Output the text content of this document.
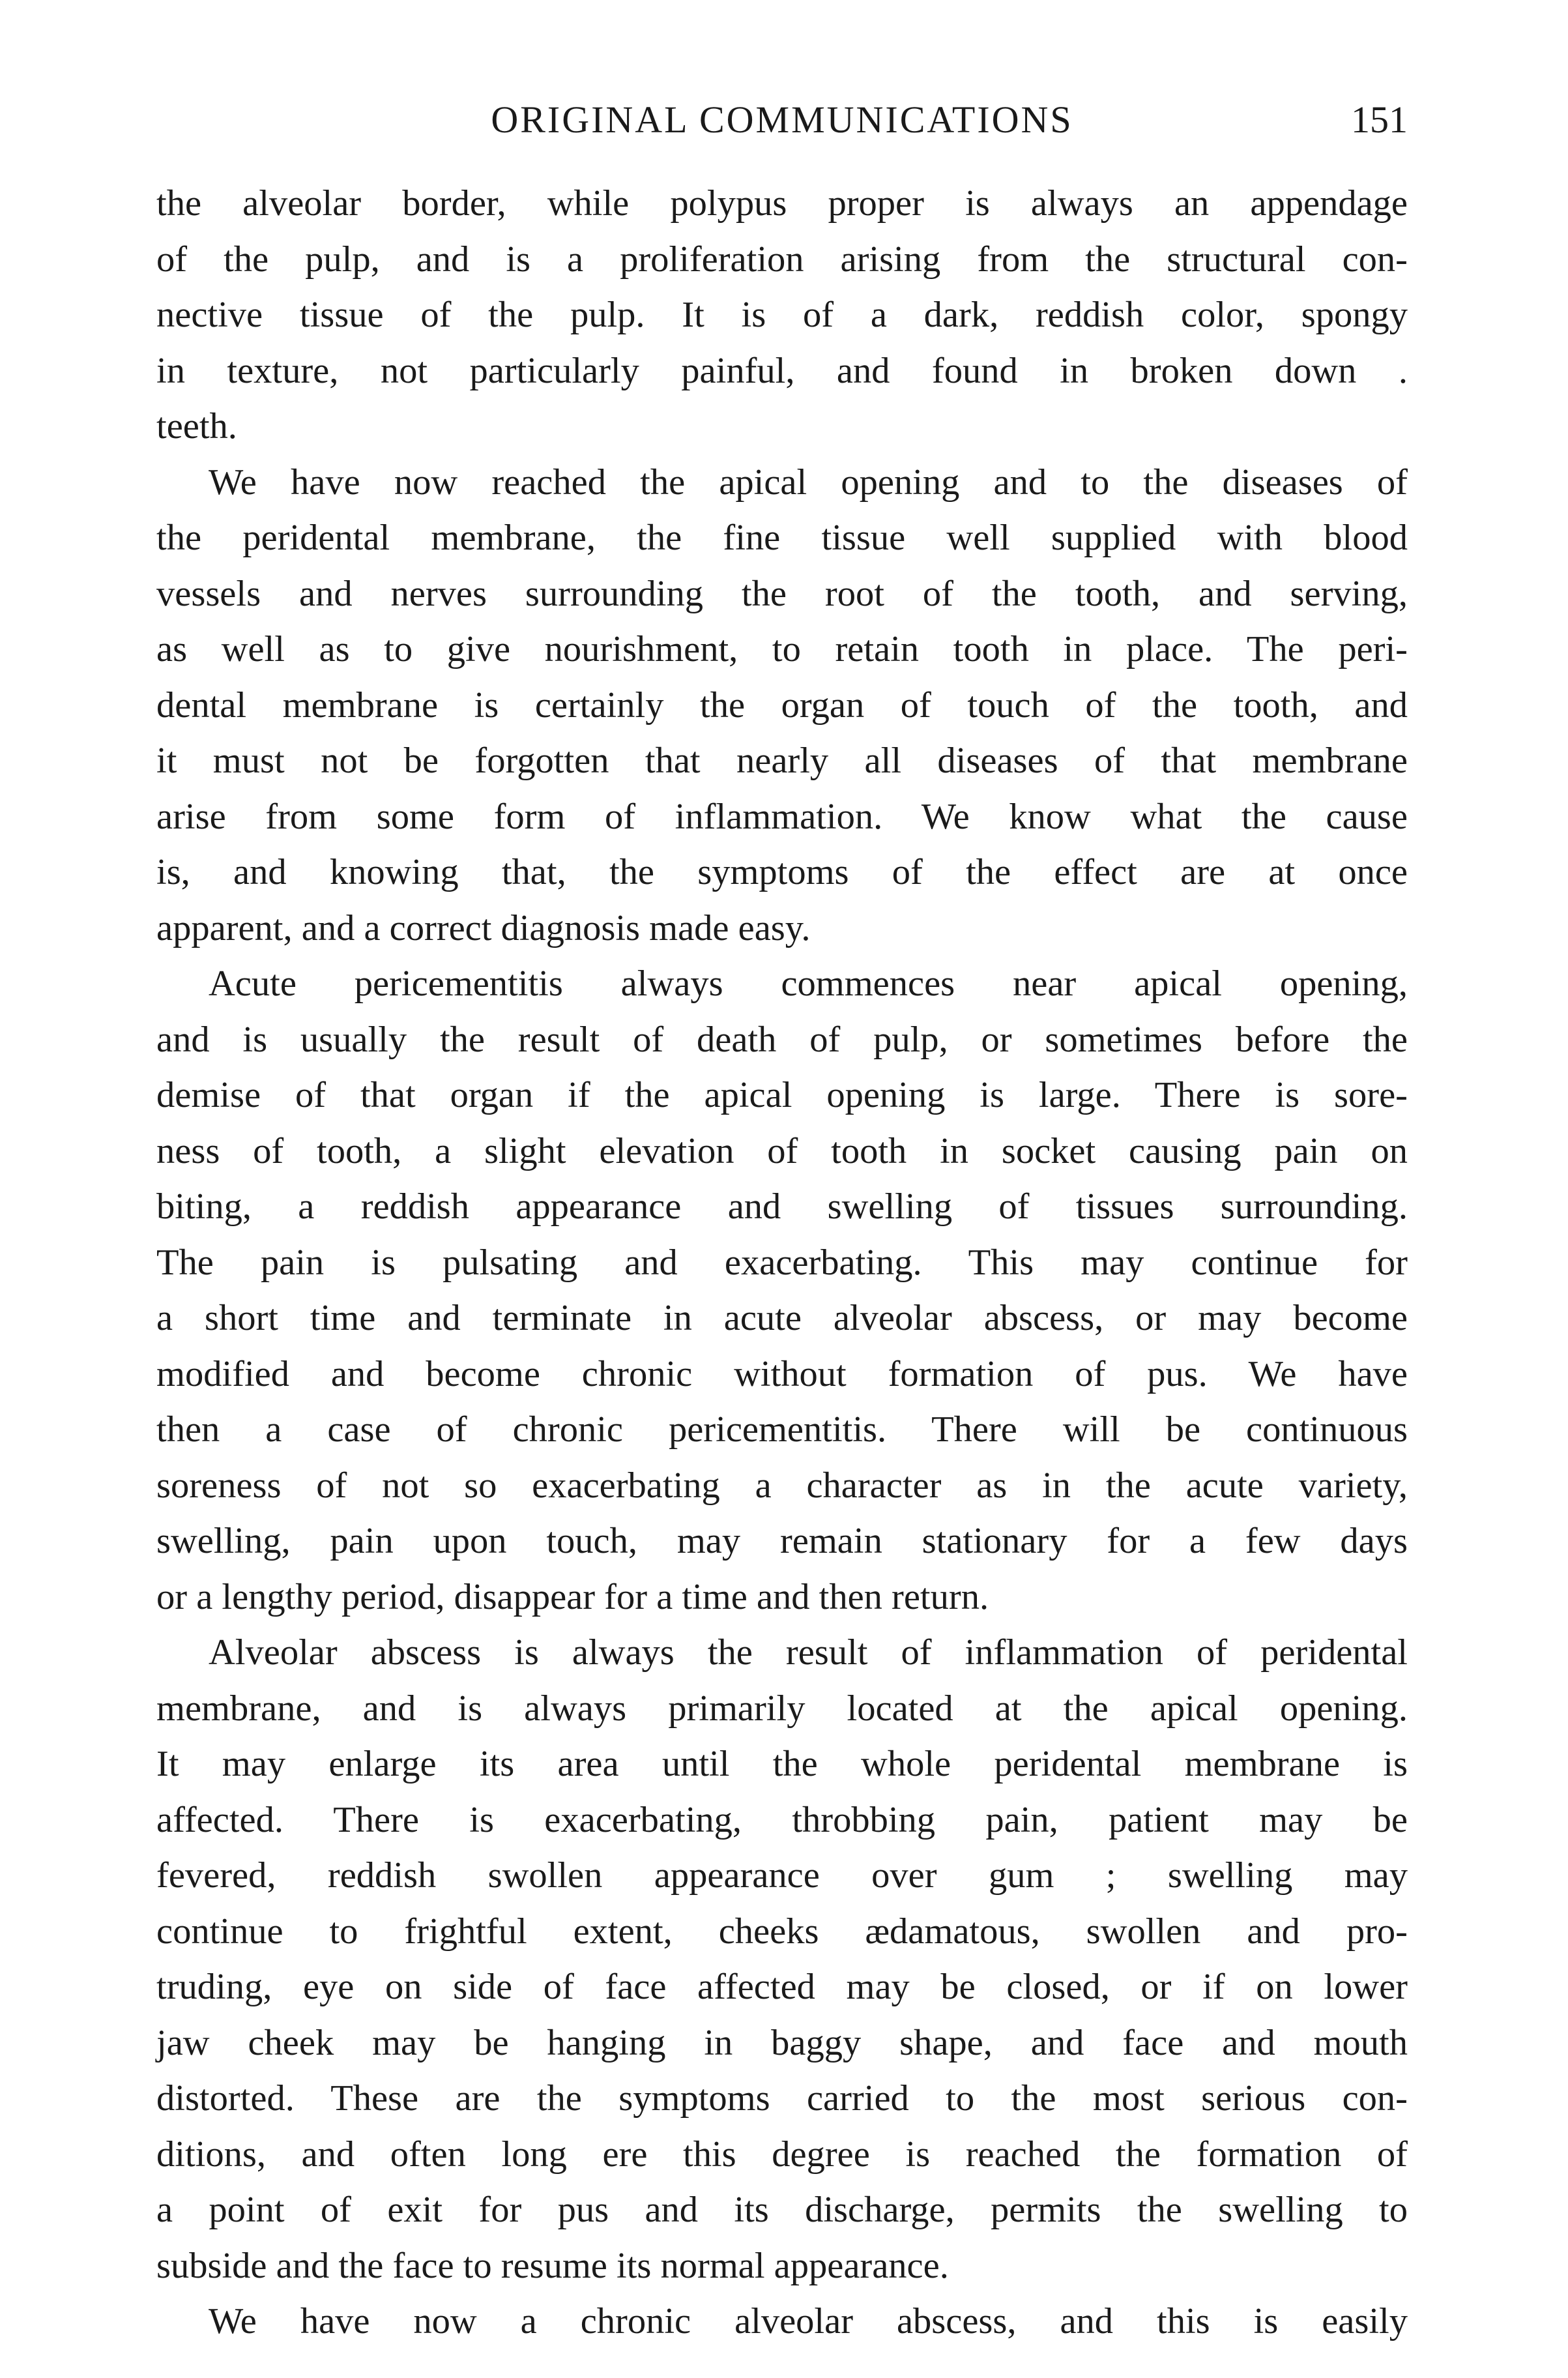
ORIGINAL COMMUNICATIONS	151
the alveolar border, while polypus proper is always an appendage
of the pulp, and is a proliferation arising from the structural con-
nective tissue of the pulp. It is of a dark, reddish color, spongy
in texture, not particularly painful, and found in broken down .
teeth.
We have now reached the apical opening and to the diseases of
the peridental membrane, the fine tissue well supplied with blood
vessels and nerves surrounding the root of the tooth, and serving,
as well as to give nourishment, to retain tooth in place. The peri-
dental membrane is certainly the organ of touch of the tooth, and
it must not be forgotten that nearly all diseases of that membrane
arise from some form of inflammation. We know what the cause
is, and knowing that, the symptoms of the effect are at once
apparent, and a correct diagnosis made easy.
Acute pericementitis always commences near apical opening,
and is usually the result of death of pulp, or sometimes before the
demise of that organ if the apical opening is large. There is sore-
ness of tooth, a slight elevation of tooth in socket causing pain on
biting, a reddish appearance and swelling of tissues surrounding.
The pain is pulsating and exacerbating. This may continue for
a short time and terminate in acute alveolar abscess, or may become
modified and become chronic without formation of pus. We have
then a case of chronic pericementitis. There will be continuous
soreness of not so exacerbating a character as in the acute variety,
swelling, pain upon touch, may remain stationary for a few days
or a lengthy period, disappear for a time and then return.
Alveolar abscess is always the result of inflammation of peridental
membrane, and is always primarily located at the apical opening.
It may enlarge its area until the whole peridental membrane is
affected. There is exacerbating, throbbing pain, patient may be
fevered, reddish swollen appearance over gum ; swelling may
continue to frightful extent, cheeks ædamatous, swollen and pro-
truding, eye on side of face affected may be closed, or if on lower
jaw cheek may be hanging in baggy shape, and face and mouth
distorted. These are the symptoms carried to the most serious con-
ditions, and often long ere this degree is reached the formation of
a point of exit for pus and its discharge, permits the swelling to
subside and the face to resume its normal appearance.
We have now a chronic alveolar abscess, and this is easily
